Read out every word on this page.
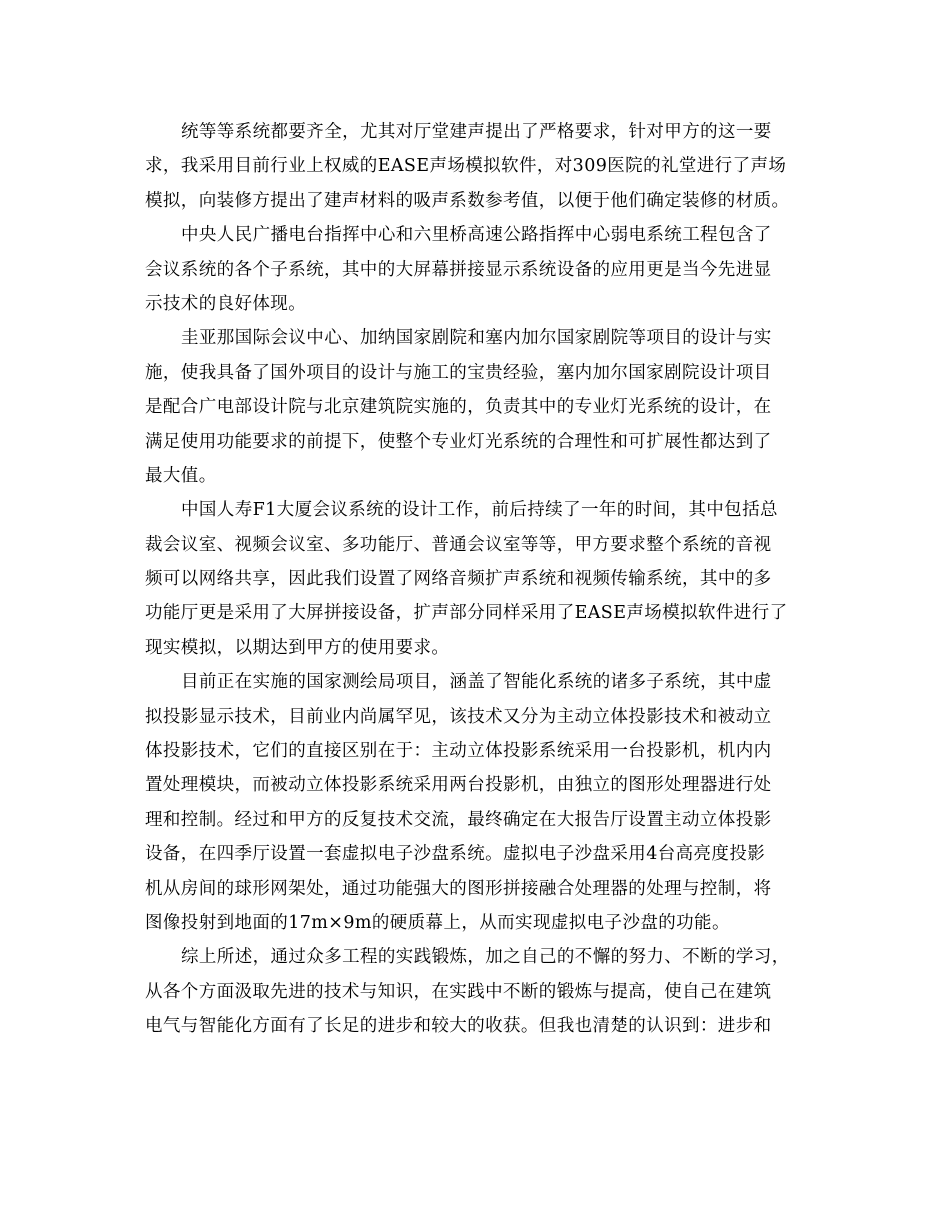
统等等系统都要齐全，尤其对厅堂建声提出了严格要求，针对甲方的这一要
求，我采用目前行业上权威的EASE声场模拟软件，对309医院的礼堂进行了声场
模拟，向装修方提出了建声材料的吸声系数参考值，以便于他们确定装修的材质。
中央人民广播电台指挥中心和六里桥高速公路指挥中心弱电系统工程包含了
会议系统的各个子系统，其中的大屏幕拼接显示系统设备的应用更是当今先进显
示技术的良好体现。
圭亚那国际会议中心、加纳国家剧院和塞内加尔国家剧院等项目的设计与实
施，使我具备了国外项目的设计与施工的宝贵经验，塞内加尔国家剧院设计项目
是配合广电部设计院与北京建筑院实施的，负责其中的专业灯光系统的设计，在
满足使用功能要求的前提下，使整个专业灯光系统的合理性和可扩展性都达到了
最大值。
中国人寿F1大厦会议系统的设计工作，前后持续了一年的时间，其中包括总
裁会议室、视频会议室、多功能厅、普通会议室等等，甲方要求整个系统的音视
频可以网络共享，因此我们设置了网络音频扩声系统和视频传输系统，其中的多
功能厅更是采用了大屏拼接设备，扩声部分同样采用了EASE声场模拟软件进行了
现实模拟，以期达到甲方的使用要求。
目前正在实施的国家测绘局项目，涵盖了智能化系统的诸多子系统，其中虚
拟投影显示技术，目前业内尚属罕见，该技术又分为主动立体投影技术和被动立
体投影技术，它们的直接区别在于：主动立体投影系统采用一台投影机，机内内
置处理模块，而被动立体投影系统采用两台投影机，由独立的图形处理器进行处
理和控制。经过和甲方的反复技术交流，最终确定在大报告厅设置主动立体投影
设备，在四季厅设置一套虚拟电子沙盘系统。虚拟电子沙盘采用4台高亮度投影
机从房间的球形网架处，通过功能强大的图形拼接融合处理器的处理与控制，将
图像投射到地面的17m×9m的硬质幕上，从而实现虚拟电子沙盘的功能。
综上所述，通过众多工程的实践锻炼，加之自己的不懈的努力、不断的学习，
从各个方面汲取先进的技术与知识，在实践中不断的锻炼与提高，使自己在建筑
电气与智能化方面有了长足的进步和较大的收获。但我也清楚的认识到：进步和
